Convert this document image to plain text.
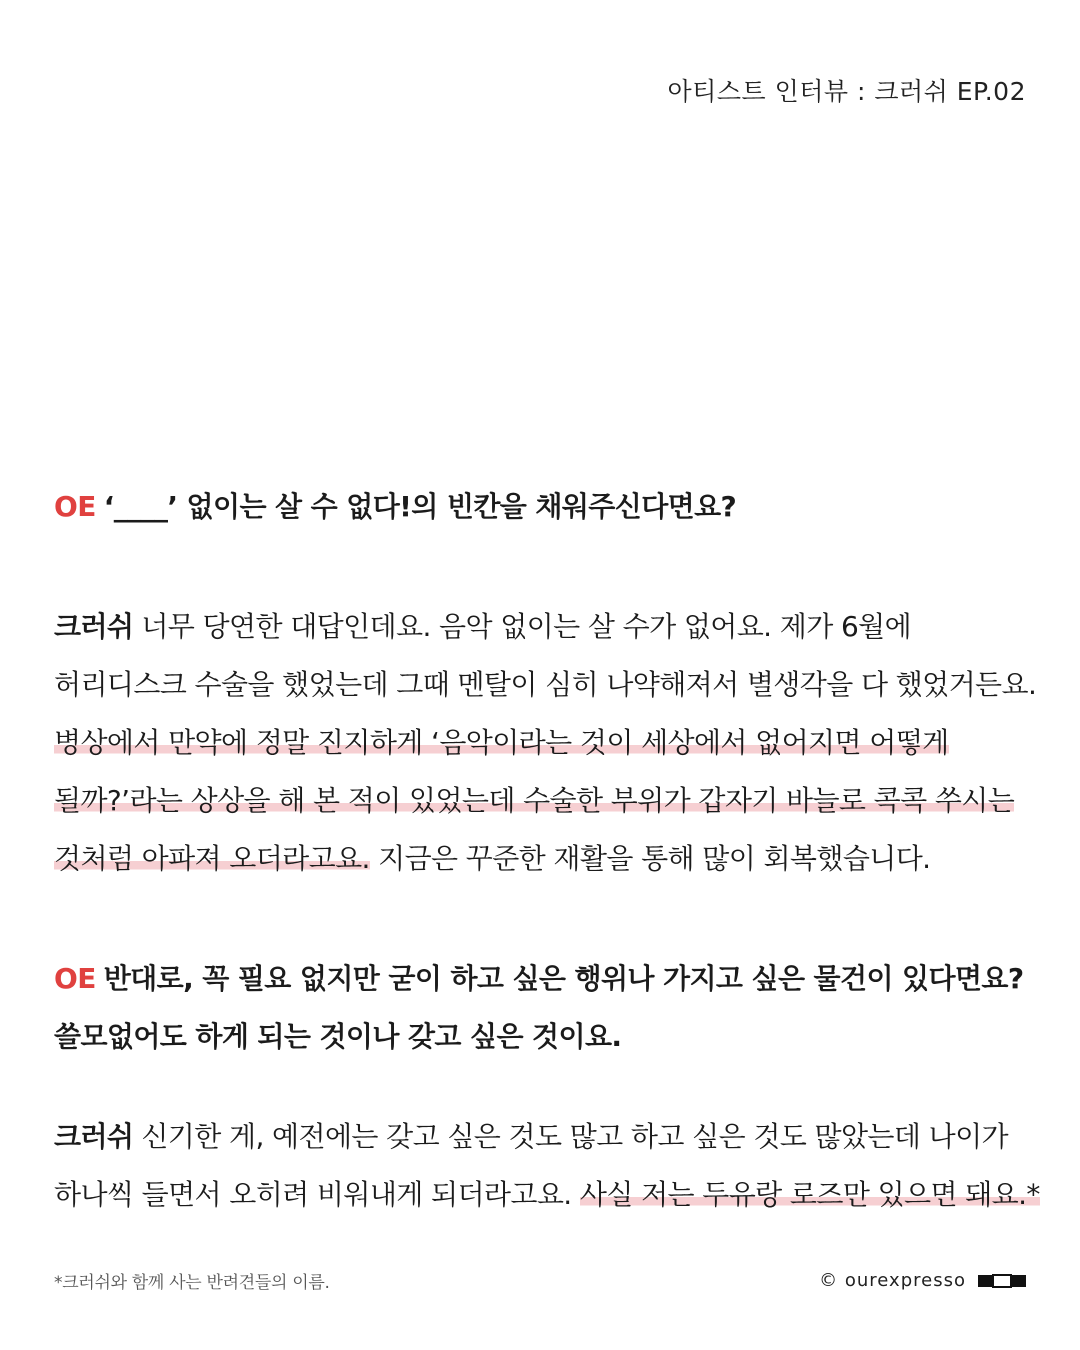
아티스트 인터뷰 : 크러쉬 EP.02
OE ‘____’ 없이는 살 수 없다!의 빈칸을 채워주신다면요?
크러쉬 너무 당연한 대답인데요. 음악 없이는 살 수가 없어요. 제가 6월에
허리디스크 수술을 했었는데 그때 멘탈이 심히 나약해져서 별생각을 다 했었거든요.
병상에서 만약에 정말 진지하게 ‘음악이라는 것이 세상에서 없어지면 어떻게
될까?’라는 상상을 해 본 적이 있었는데 수술한 부위가 갑자기 바늘로 콕콕 쑤시는
것처럼 아파져 오더라고요. 지금은 꾸준한 재활을 통해 많이 회복했습니다.
OE 반대로, 꼭 필요 없지만 굳이 하고 싶은 행위나 가지고 싶은 물건이 있다면요?
쓸모없어도 하게 되는 것이나 갖고 싶은 것이요.
크러쉬 신기한 게, 예전에는 갖고 싶은 것도 많고 하고 싶은 것도 많았는데 나이가
하나씩 들면서 오히려 비워내게 되더라고요. 사실 저는 두유랑 로즈만 있으면 돼요.*
*크러쉬와 함께 사는 반려견들의 이름.	© ourexpresso
